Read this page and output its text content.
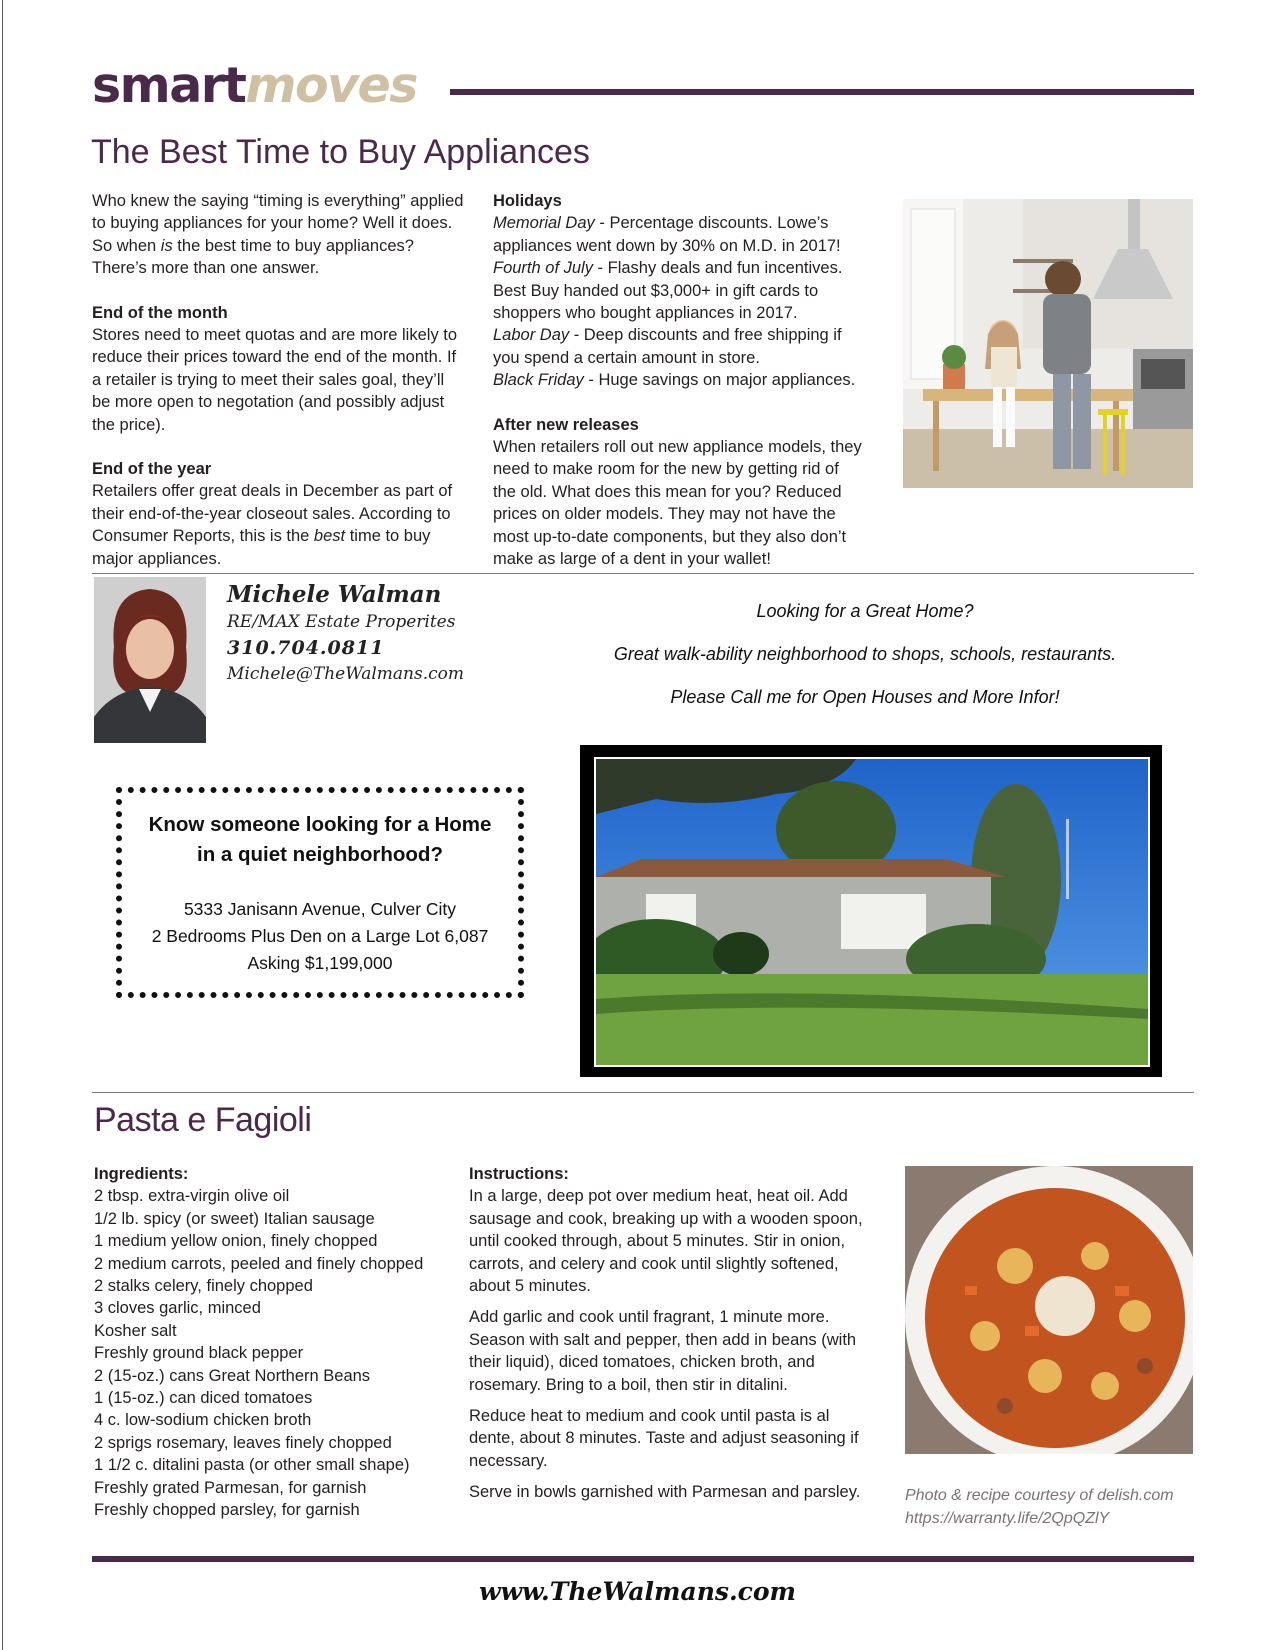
smartmoves
The Best Time to Buy Appliances

Who knew the saying “timing is everything” applied to buying appliances for your home? Well it does. So when is the best time to buy appliances? There’s more than one answer.

End of the month

Stores need to meet quotas and are more likely to reduce their prices toward the end of the month. If a retailer is trying to meet their sales goal, they’ll be more open to negotation (and possibly adjust the price).

End of the year

Retailers offer great deals in December as part of their end-of-the-year closeout sales. According to Consumer Reports, this is the best time to buy major appliances.

Holidays

Memorial Day - Percentage discounts. Lowe’s appliances went down by 30% on M.D. in 2017!

Fourth of July - Flashy deals and fun incentives. Best Buy handed out $3,000+ in gift cards to shoppers who bought appliances in 2017.

Labor Day - Deep discounts and free shipping if you spend a certain amount in store.

Black Friday - Huge savings on major appliances.

After new releases

When retailers roll out new appliance models, they need to make room for the new by getting rid of the old. What does this mean for you? Reduced prices on older models. They may not have the most up-to-date components, but they also don’t make as large of a dent in your wallet!

Michele Walman
RE/MAX Estate Properites
310.704.0811
Michele@TheWalmans.com

Looking for a Great Home?

Great walk-ability neighborhood to shops, schools, restaurants.

Please Call me for Open Houses and More Infor!

Know someone looking for a Home
in a quiet neighborhood?
5333 Janisann Avenue, Culver City
2 Bedrooms Plus Den on a Large Lot 6,087
Asking $1,199,000
Pasta e Fagioli

Ingredients:

2 tbsp. extra-virgin olive oil

1/2 lb. spicy (or sweet) Italian sausage

1 medium yellow onion, finely chopped

2 medium carrots, peeled and finely chopped

2 stalks celery, finely chopped

3 cloves garlic, minced

Kosher salt

Freshly ground black pepper

2 (15-oz.) cans Great Northern Beans

1 (15-oz.) can diced tomatoes

4 c. low-sodium chicken broth

2 sprigs rosemary, leaves finely chopped

1 1/2 c. ditalini pasta (or other small shape)

Freshly grated Parmesan, for garnish

Freshly chopped parsley, for garnish

Instructions:

In a large, deep pot over medium heat, heat oil. Add sausage and cook, breaking up with a wooden spoon, until cooked through, about 5 minutes. Stir in onion, carrots, and celery and cook until slightly softened, about 5 minutes.

Add garlic and cook until fragrant, 1 minute more. Season with salt and pepper, then add in beans (with their liquid), diced tomatoes, chicken broth, and rosemary. Bring to a boil, then stir in ditalini.

Reduce heat to medium and cook until pasta is al dente, about 8 minutes. Taste and adjust seasoning if necessary.

Serve in bowls garnished with Parmesan and parsley.	Photo & recipe courtesy of delish.com
https://warranty.life/2QpQZlY
www.TheWalmans.com
